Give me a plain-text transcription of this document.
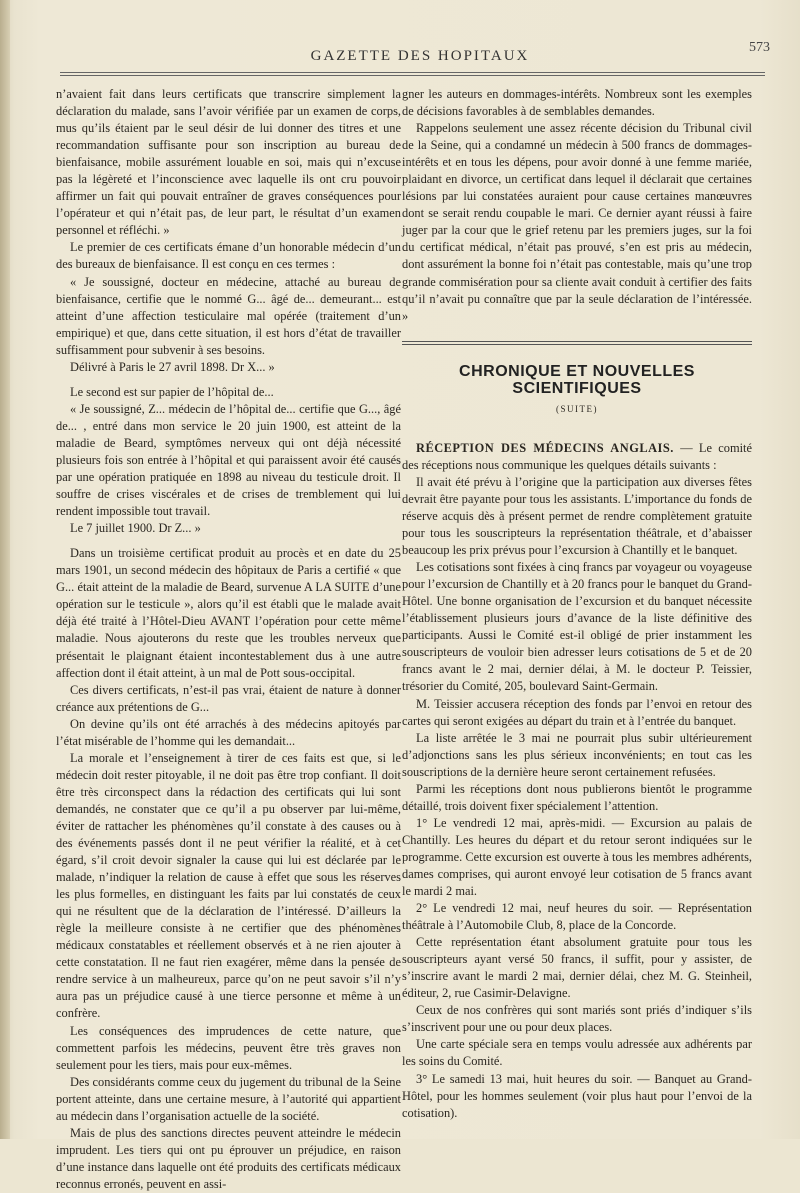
GAZETTE DES HOPITAUX
573

n’avaient fait dans leurs certificats que transcrire simplement la déclaration du malade, sans l’avoir vérifiée par un examen de corps, mus qu’ils étaient par le seul désir de lui donner des titres et une recommandation suffisante pour son inscription au bureau de bienfaisance, mobile assurément louable en soi, mais qui n’excuse pas la légèreté et l’inconscience avec laquelle ils ont cru pouvoir affirmer un fait qui pouvait entraîner de graves conséquences pour l’opérateur et qui n’était pas, de leur part, le résultat d’un examen personnel et réfléchi. »

Le premier de ces certificats émane d’un honorable médecin d’un des bureaux de bienfaisance. Il est conçu en ces termes :

« Je soussigné, docteur en médecine, attaché au bureau de bienfaisance, certifie que le nommé G... âgé de... demeurant... est atteint d’une affection testiculaire mal opérée (traitement d’un empirique) et que, dans cette situation, il est hors d’état de travailler suffisamment pour subvenir à ses besoins.

Délivré à Paris le 27 avril 1898. Dr X... »

Le second est sur papier de l’hôpital de...

« Je soussigné, Z... médecin de l’hôpital de... certifie que G..., âgé de... , entré dans mon service le 20 juin 1900, est atteint de la maladie de Beard, symptômes nerveux qui ont déjà nécessité plusieurs fois son entrée à l’hôpital et qui paraissent avoir été causés par une opération pratiquée en 1898 au niveau du testicule droit. Il souffre de crises viscérales et de crises de tremblement qui lui rendent impossible tout travail.

Le 7 juillet 1900. Dr Z... »

Dans un troisième certificat produit au procès et en date du 25 mars 1901, un second médecin des hôpitaux de Paris a certifié « que G... était atteint de la maladie de Beard, survenue A LA SUITE d’une opération sur le testicule », alors qu’il est établi que le malade avait déjà été traité à l’Hôtel-Dieu AVANT l’opération pour cette même maladie. Nous ajouterons du reste que les troubles nerveux que présentait le plaignant étaient incontestablement dus à une autre affection dont il était atteint, à un mal de Pott sous-occipital.

Ces divers certificats, n’est-il pas vrai, étaient de nature à donner créance aux prétentions de G...

On devine qu’ils ont été arrachés à des médecins apitoyés par l’état misérable de l’homme qui les demandait...

La morale et l’enseignement à tirer de ces faits est que, si le médecin doit rester pitoyable, il ne doit pas être trop confiant. Il doit être très circonspect dans la rédaction des certificats qui lui sont demandés, ne constater que ce qu’il a pu observer par lui-même, éviter de rattacher les phénomènes qu’il constate à des causes ou à des événements passés dont il ne peut vérifier la réalité, et à cet égard, s’il croit devoir signaler la cause qui lui est déclarée par le malade, n’indiquer la relation de cause à effet que sous les réserves les plus formelles, en distinguant les faits par lui constatés de ceux qui ne résultent que de la déclaration de l’intéressé. D’ailleurs la règle la meilleure consiste à ne certifier que des phénomènes médicaux constatables et réellement observés et à ne rien ajouter à cette constatation. Il ne faut rien exagérer, même dans la pensée de rendre service à un malheureux, parce qu’on ne peut savoir s’il n’y aura pas un préjudice causé à une tierce personne et même à un confrère.

Les conséquences des imprudences de cette nature, que commettent parfois les médecins, peuvent être très graves non seulement pour les tiers, mais pour eux-mêmes.

Des considérants comme ceux du jugement du tribunal de la Seine portent atteinte, dans une certaine mesure, à l’autorité qui appartient au médecin dans l’organisation actuelle de la société.

Mais de plus des sanctions directes peuvent atteindre le médecin imprudent. Les tiers qui ont pu éprouver un préjudice, en raison d’une instance dans laquelle ont été produits des certificats médicaux reconnus erronés, peuvent en assi-

gner les auteurs en dommages-intérêts. Nombreux sont les exemples de décisions favorables à de semblables demandes.

Rappelons seulement une assez récente décision du Tribunal civil de la Seine, qui a condamné un médecin à 500 francs de dommages-intérêts et en tous les dépens, pour avoir donné à une femme mariée, plaidant en divorce, un certificat dans lequel il déclarait que certaines lésions par lui constatées auraient pour cause certaines manœuvres dont se serait rendu coupable le mari. Ce dernier ayant réussi à faire juger par la cour que le grief retenu par les premiers juges, sur la foi du certificat médical, n’était pas prouvé, s’en est pris au médecin, dont assurément la bonne foi n’était pas contestable, mais qu’une trop grande commisération pour sa cliente avait conduit à certifier des faits qu’il n’avait pu connaître que par la seule déclaration de l’intéressée. »

CHRONIQUE ET NOUVELLES SCIENTIFIQUES
(SUITE)

RÉCEPTION DES MÉDECINS ANGLAIS. — Le comité des réceptions nous communique les quelques détails suivants :

Il avait été prévu à l’origine que la participation aux diverses fêtes devrait être payante pour tous les assistants. L’importance du fonds de réserve acquis dès à présent permet de rendre complètement gratuite pour tous les souscripteurs la représentation théâtrale, et d’abaisser beaucoup les prix prévus pour l’excursion à Chantilly et le banquet.

Les cotisations sont fixées à cinq francs par voyageur ou voyageuse pour l’excursion de Chantilly et à 20 francs pour le banquet du Grand-Hôtel. Une bonne organisation de l’excursion et du banquet nécessite l’établissement plusieurs jours d’avance de la liste définitive des participants. Aussi le Comité est-il obligé de prier instamment les souscripteurs de vouloir bien adresser leurs cotisations de 5 et de 20 francs avant le 2 mai, dernier délai, à M. le docteur P. Teissier, trésorier du Comité, 205, boulevard Saint-Germain.

M. Teissier accusera réception des fonds par l’envoi en retour des cartes qui seront exigées au départ du train et à l’entrée du banquet.

La liste arrêtée le 3 mai ne pourrait plus subir ultérieurement d’adjonctions sans les plus sérieux inconvénients; en tout cas les souscriptions de la dernière heure seront certainement refusées.

Parmi les réceptions dont nous publierons bientôt le programme détaillé, trois doivent fixer spécialement l’attention.

1° Le vendredi 12 mai, après-midi. — Excursion au palais de Chantilly. Les heures du départ et du retour seront indiquées sur le programme. Cette excursion est ouverte à tous les membres adhérents, dames comprises, qui auront envoyé leur cotisation de 5 francs avant le mardi 2 mai.

2° Le vendredi 12 mai, neuf heures du soir. — Représentation théâtrale à l’Automobile Club, 8, place de la Concorde.

Cette représentation étant absolument gratuite pour tous les souscripteurs ayant versé 50 francs, il suffit, pour y assister, de s’inscrire avant le mardi 2 mai, dernier délai, chez M. G. Steinheil, éditeur, 2, rue Casimir-Delavigne.

Ceux de nos confrères qui sont mariés sont priés d’indiquer s’ils s’inscrivent pour une ou pour deux places.

Une carte spéciale sera en temps voulu adressée aux adhérents par les soins du Comité.

3° Le samedi 13 mai, huit heures du soir. — Banquet au Grand-Hôtel, pour les hommes seulement (voir plus haut pour l’envoi de la cotisation).
